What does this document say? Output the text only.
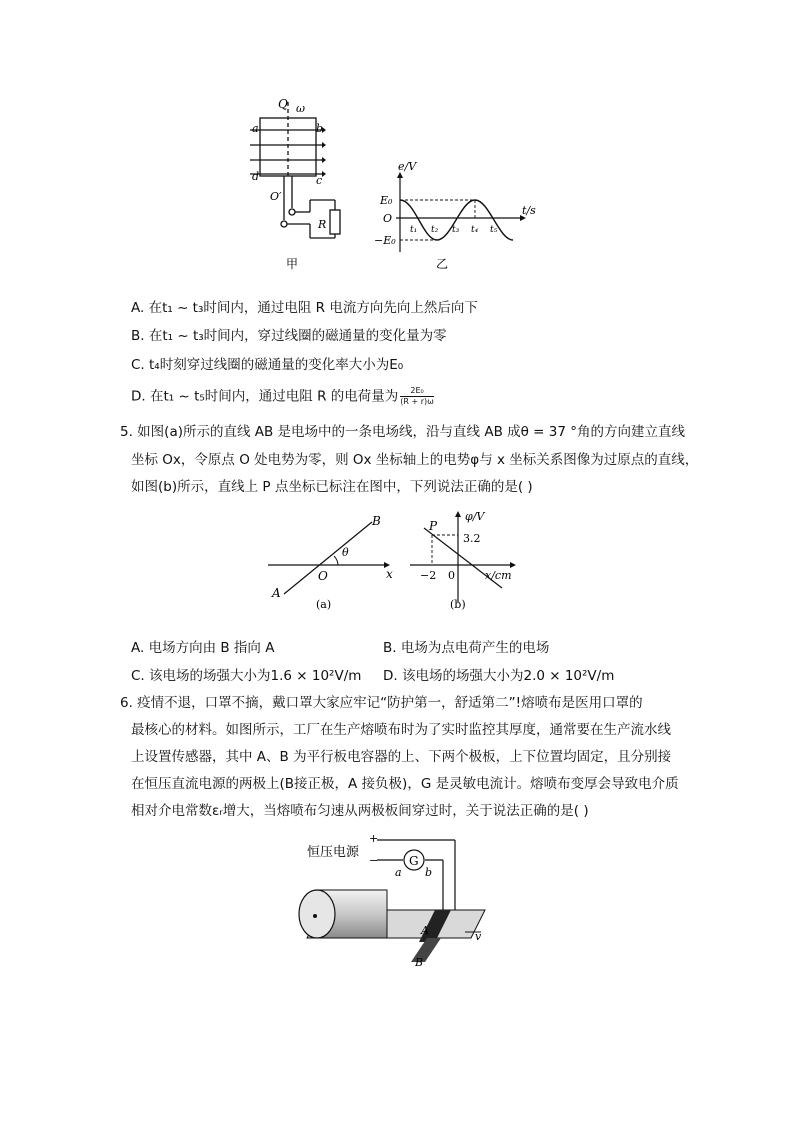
Q ω
a	b
d	c
O′
R
甲
e/V
t/s
E₀
O
−E₀
t₁ t₂ t₃ t₄ t₅
乙
A. 在t₁ ~ t₃时间内，通过电阻 R 电流方向先向上然后向下
B. 在t₁ ~ t₃时间内，穿过线圈的磁通量的变化量为零
C. t₄时刻穿过线圈的磁通量的变化率大小为E₀
D. 在t₁ ~ t₅时间内，通过电阻 R 的电荷量为 $\frac{\text{2E₀}}{(R + r)\omega}$
5. 如图(a)所示的直线 AB 是电场中的一条电场线，沿与直线 AB 成θ = 37 °角的方向建立直线
坐标 Ox，令原点 O 处电势为零，则 Ox 坐标轴上的电势φ与 x 坐标关系图像为过原点的直线，
如图(b)所示，直线上 P 点坐标已标注在图中，下列说法正确的是( )
B
A
O	x
θ
(a)
P
φ/V
3.2
−2 0	x/cm
(b)
A. 电场方向由 B 指向 A	B. 电场为点电荷产生的电场
C. 该电场的场强大小为1.6 × 10²V/m D. 该电场的场强大小为2.0 × 10²V/m
6. 疫情不退，口罩不摘，戴口罩大家应牢记“防护第一，舒适第二”!熔喷布是医用口罩的
最核心的材料。如图所示，工厂在生产熔喷布时为了实时监控其厚度，通常要在生产流水线
上设置传感器，其中 A、B 为平行板电容器的上、下两个极板，上下位置均固定，且分别接
在恒压直流电源的两极上(B接正极，A 接负极)，G 是灵敏电流计。熔喷布变厚会导致电介质
相对介电常数εᵣ增大，当熔喷布匀速从两极板间穿过时，关于说法正确的是( )
G
恒压电源
+
−
a b
A
B
v
